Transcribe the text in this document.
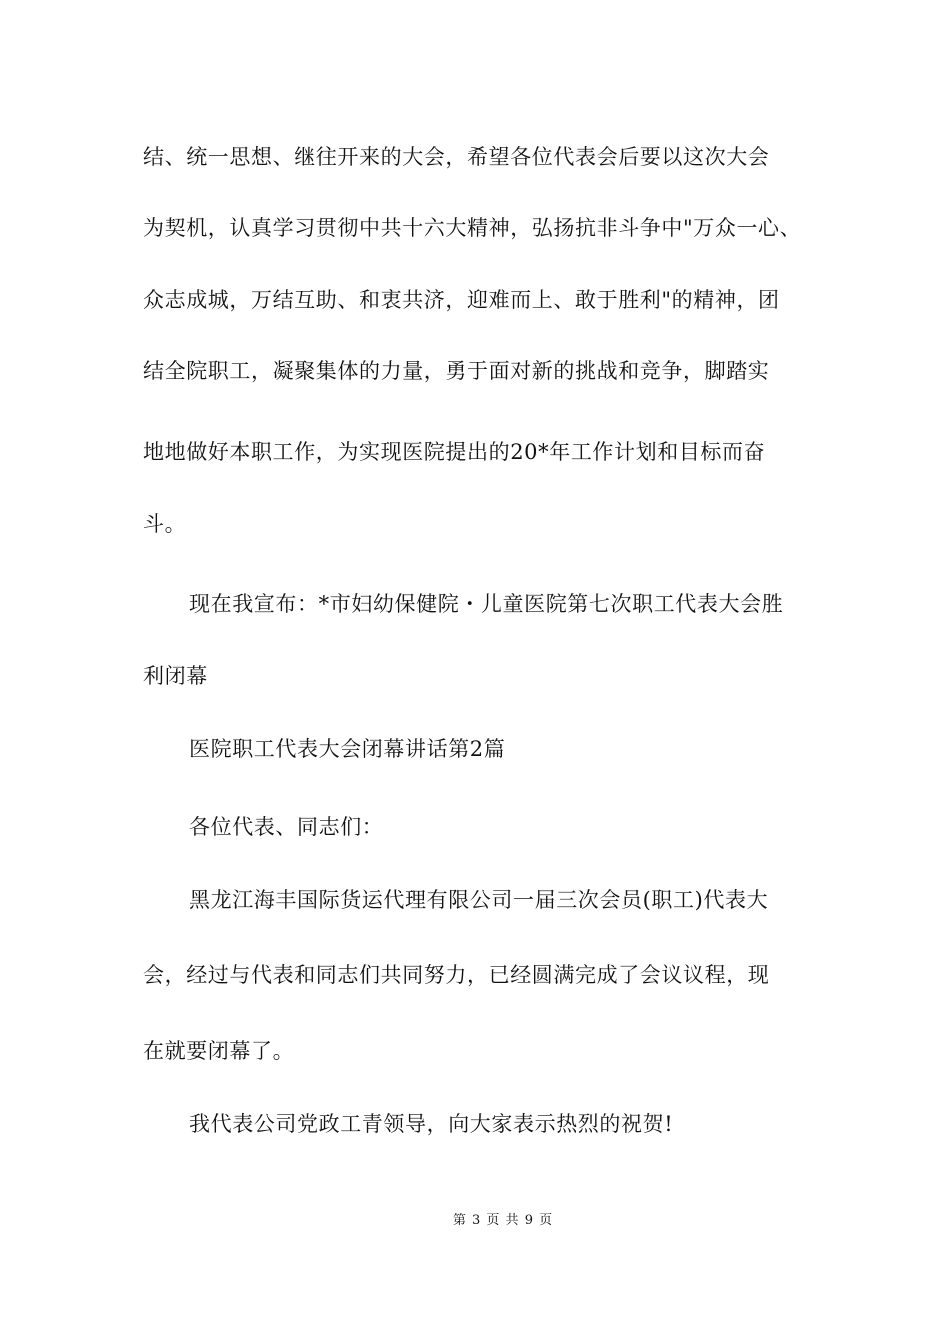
结、统一思想、继往开来的大会，希望各位代表会后要以这次大会
为契机，认真学习贯彻中共十六大精神，弘扬抗非斗争中"万众一心、
众志成城，万结互助、和衷共济，迎难而上、敢于胜利"的精神，团
结全院职工，凝聚集体的力量，勇于面对新的挑战和竞争，脚踏实
地地做好本职工作，为实现医院提出的20*年工作计划和目标而奋
斗。
现在我宣布：*市妇幼保健院・儿童医院第七次职工代表大会胜
利闭幕
医院职工代表大会闭幕讲话第2篇
各位代表、同志们：
黑龙江海丰国际货运代理有限公司一届三次会员(职工)代表大
会，经过与代表和同志们共同努力，已经圆满完成了会议议程，现
在就要闭幕了。
我代表公司党政工青领导，向大家表示热烈的祝贺!
第 3 页 共 9 页
